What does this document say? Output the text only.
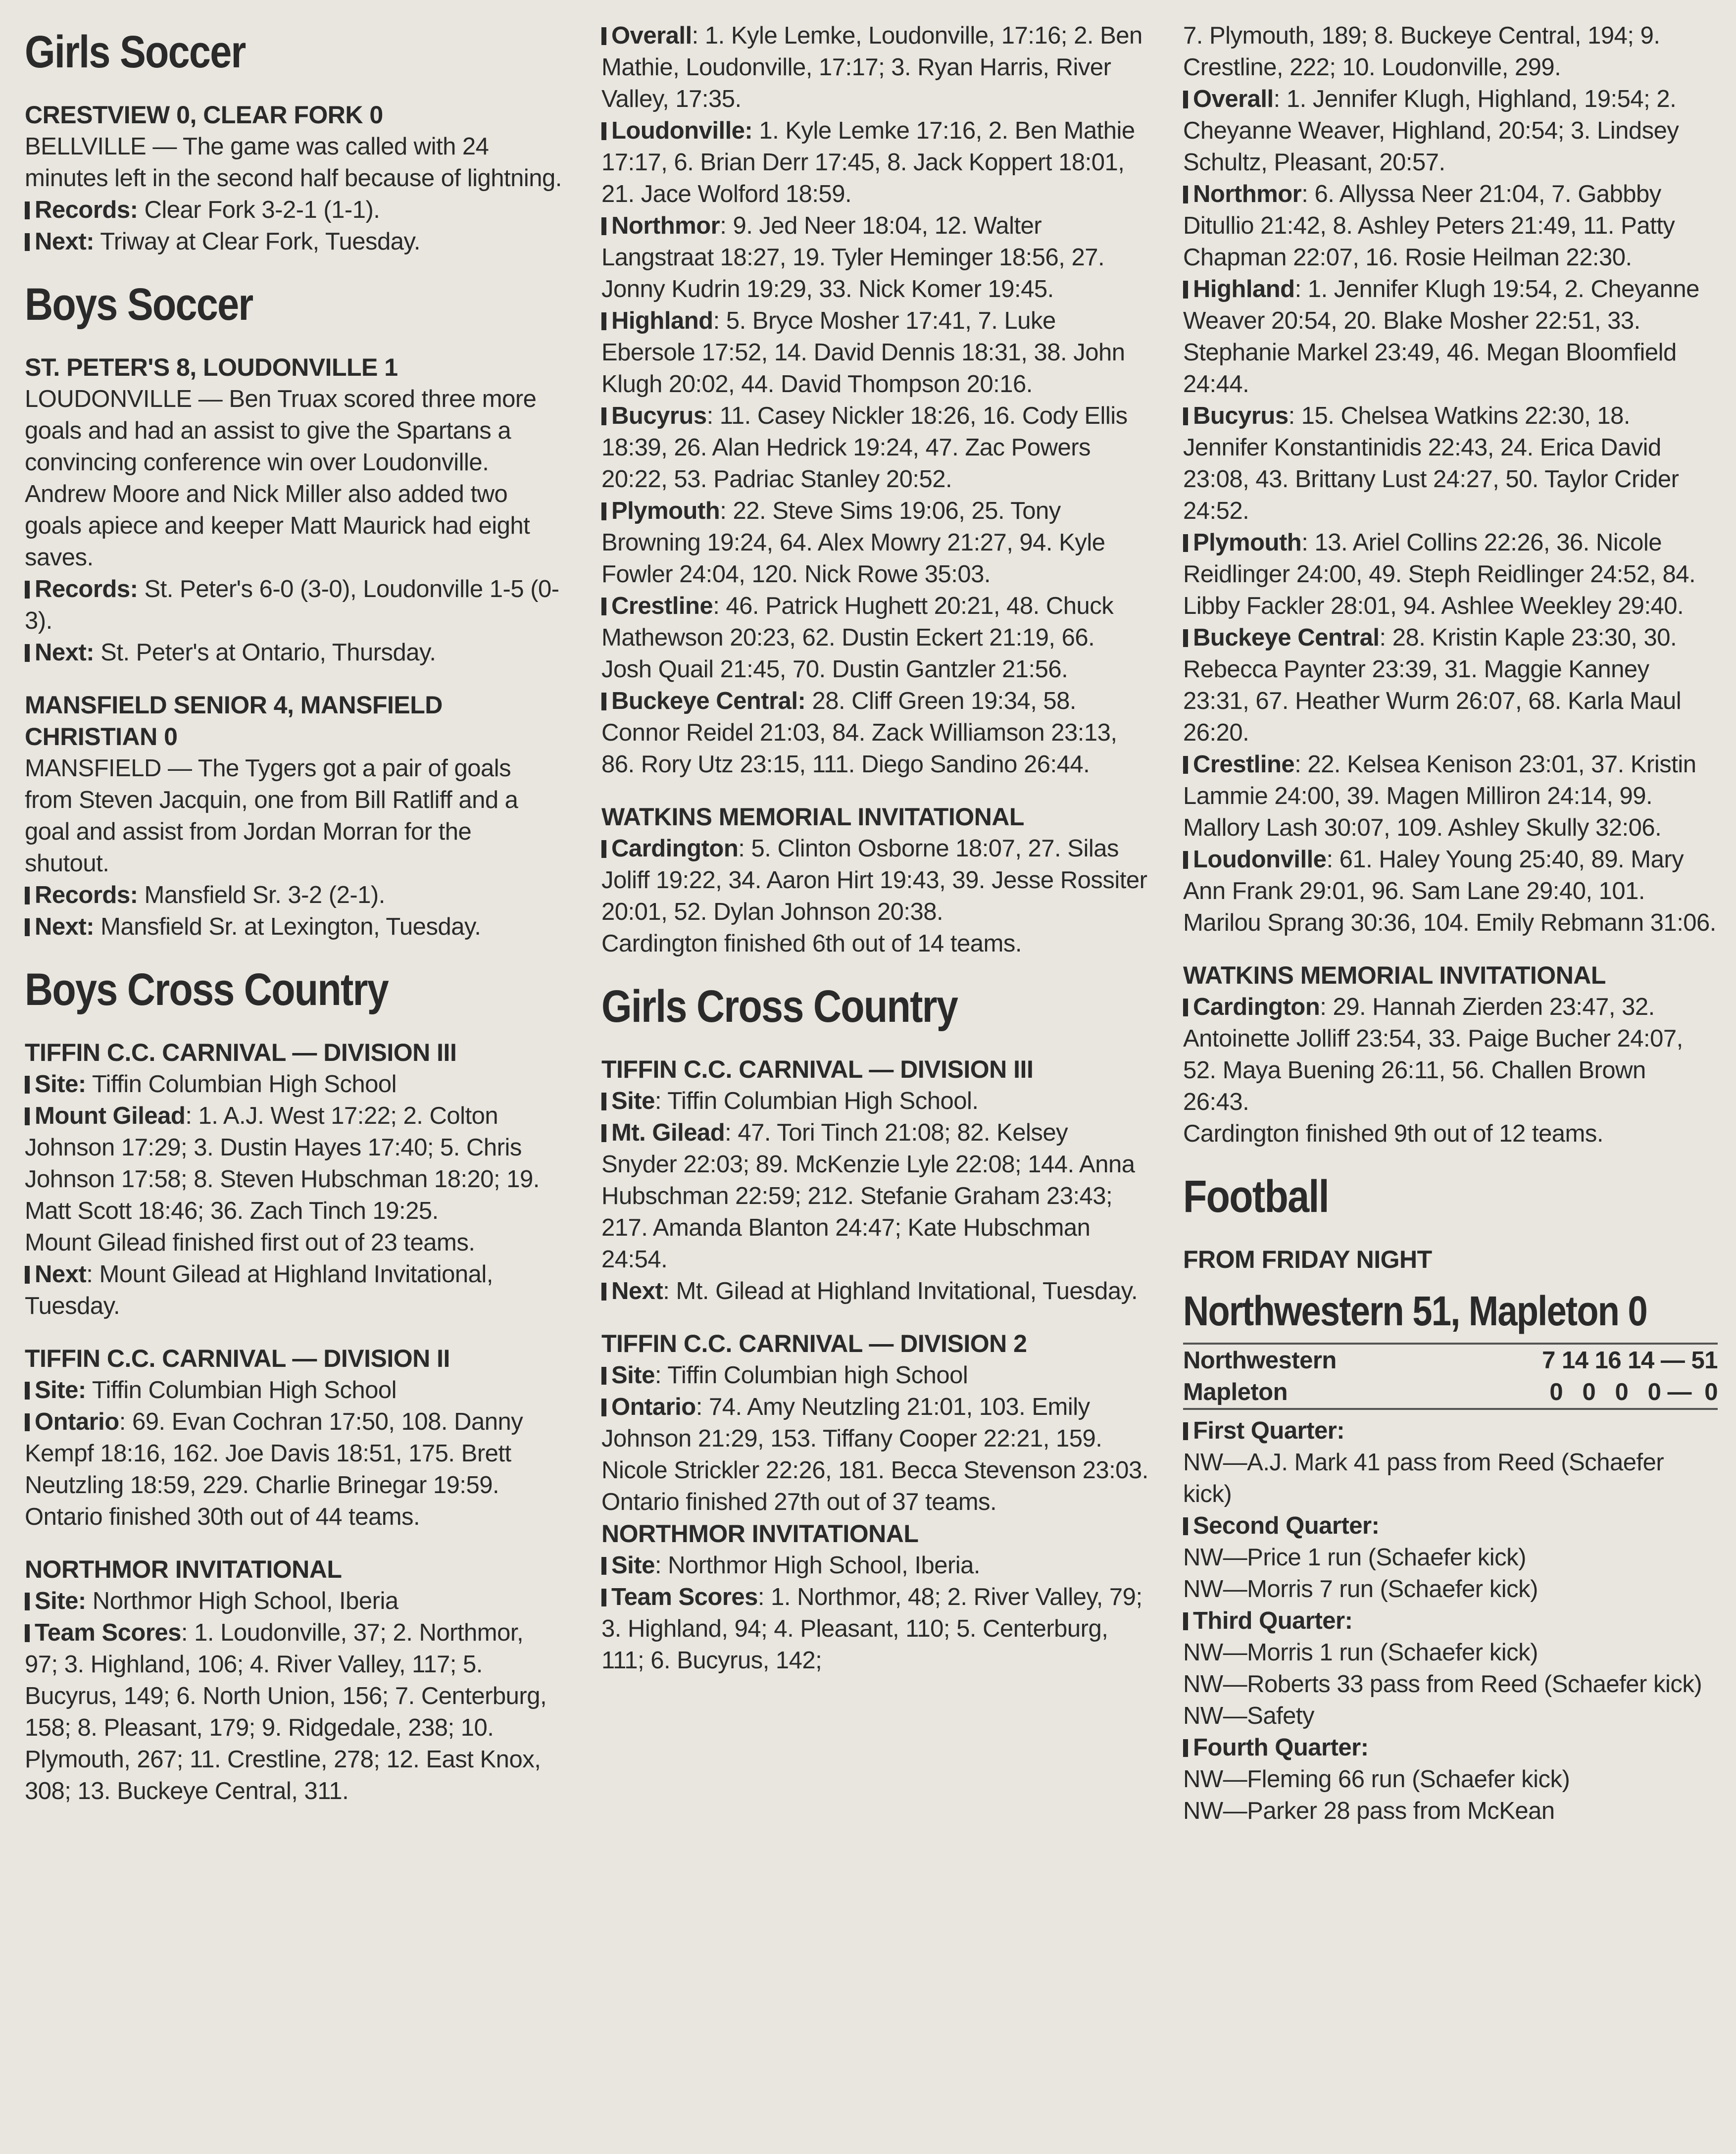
Girls Soccer
CRESTVIEW 0, CLEAR FORK 0

BELLVILLE — The game was called with 24 minutes left in the second half because of lightning.

Records: Clear Fork 3-2-1 (1-1).

Next: Triway at Clear Fork, Tuesday.

Boys Soccer
ST. PETER'S 8, LOUDONVILLE 1

LOUDONVILLE — Ben Truax scored three more goals and had an assist to give the Spartans a convincing conference win over Loudonville. Andrew Moore and Nick Miller also added two goals apiece and keeper Matt Maurick had eight saves.

Records: St. Peter's 6-0 (3-0), Loudonville 1-5 (0-3).

Next: St. Peter's at Ontario, Thursday.

MANSFIELD SENIOR 4, MANSFIELD CHRISTIAN 0

MANSFIELD — The Tygers got a pair of goals from Steven Jacquin, one from Bill Ratliff and a goal and assist from Jordan Morran for the shutout.

Records: Mansfield Sr. 3-2 (2-1).

Next: Mansfield Sr. at Lexington, Tuesday.

Boys Cross Country
TIFFIN C.C. CARNIVAL — DIVISION III

Site: Tiffin Columbian High School

Mount Gilead: 1. A.J. West 17:22; 2. Colton Johnson 17:29; 3. Dustin Hayes 17:40; 5. Chris Johnson 17:58; 8. Steven Hubschman 18:20; 19. Matt Scott 18:46; 36. Zach Tinch 19:25.

Mount Gilead finished first out of 23 teams.

Next: Mount Gilead at Highland Invitational, Tuesday.

TIFFIN C.C. CARNIVAL — DIVISION II

Site: Tiffin Columbian High School

Ontario: 69. Evan Cochran 17:50, 108. Danny Kempf 18:16, 162. Joe Davis 18:51, 175. Brett Neutzling 18:59, 229. Charlie Brinegar 19:59.

Ontario finished 30th out of 44 teams.

NORTHMOR INVITATIONAL

Site: Northmor High School, Iberia

Team Scores: 1. Loudonville, 37; 2. Northmor, 97; 3. Highland, 106; 4. River Valley, 117; 5. Bucyrus, 149; 6. North Union, 156; 7. Centerburg, 158; 8. Pleasant, 179; 9. Ridgedale, 238; 10. Plymouth, 267; 11. Crestline, 278; 12. East Knox, 308; 13. Buckeye Central, 311.

Overall: 1. Kyle Lemke, Loudonville, 17:16; 2. Ben Mathie, Loudonville, 17:17; 3. Ryan Harris, River Valley, 17:35.

Loudonville: 1. Kyle Lemke 17:16, 2. Ben Mathie 17:17, 6. Brian Derr 17:45, 8. Jack Koppert 18:01, 21. Jace Wolford 18:59.

Northmor: 9. Jed Neer 18:04, 12. Walter Langstraat 18:27, 19. Tyler Heminger 18:56, 27. Jonny Kudrin 19:29, 33. Nick Komer 19:45.

Highland: 5. Bryce Mosher 17:41, 7. Luke Ebersole 17:52, 14. David Dennis 18:31, 38. John Klugh 20:02, 44. David Thompson 20:16.

Bucyrus: 11. Casey Nickler 18:26, 16. Cody Ellis 18:39, 26. Alan Hedrick 19:24, 47. Zac Powers 20:22, 53. Padriac Stanley 20:52.

Plymouth: 22. Steve Sims 19:06, 25. Tony Browning 19:24, 64. Alex Mowry 21:27, 94. Kyle Fowler 24:04, 120. Nick Rowe 35:03.

Crestline: 46. Patrick Hughett 20:21, 48. Chuck Mathewson 20:23, 62. Dustin Eckert 21:19, 66. Josh Quail 21:45, 70. Dustin Gantzler 21:56.

Buckeye Central: 28. Cliff Green 19:34, 58. Connor Reidel 21:03, 84. Zack Williamson 23:13, 86. Rory Utz 23:15, 111. Diego Sandino 26:44.

WATKINS MEMORIAL INVITATIONAL

Cardington: 5. Clinton Osborne 18:07, 27. Silas Joliff 19:22, 34. Aaron Hirt 19:43, 39. Jesse Rossiter 20:01, 52. Dylan Johnson 20:38.

Cardington finished 6th out of 14 teams.

Girls Cross Country
TIFFIN C.C. CARNIVAL — DIVISION III

Site: Tiffin Columbian High School.

Mt. Gilead: 47. Tori Tinch 21:08; 82. Kelsey Snyder 22:03; 89. McKenzie Lyle 22:08; 144. Anna Hubschman 22:59; 212. Stefanie Graham 23:43; 217. Amanda Blanton 24:47; Kate Hubschman 24:54.

Next: Mt. Gilead at Highland Invitational, Tuesday.

TIFFIN C.C. CARNIVAL — DIVISION 2

Site: Tiffin Columbian high School

Ontario: 74. Amy Neutzling 21:01, 103. Emily Johnson 21:29, 153. Tiffany Cooper 22:21, 159. Nicole Strickler 22:26, 181. Becca Stevenson 23:03.

Ontario finished 27th out of 37 teams.

NORTHMOR INVITATIONAL

Site: Northmor High School, Iberia.

Team Scores: 1. Northmor, 48; 2. River Valley, 79; 3. Highland, 94; 4. Pleasant, 110; 5. Centerburg, 111; 6. Bucyrus, 142;

7. Plymouth, 189; 8. Buckeye Central, 194; 9. Crestline, 222; 10. Loudonville, 299.

Overall: 1. Jennifer Klugh, Highland, 19:54; 2. Cheyanne Weaver, Highland, 20:54; 3. Lindsey Schultz, Pleasant, 20:57.

Northmor: 6. Allyssa Neer 21:04, 7. Gabbby Ditullio 21:42, 8. Ashley Peters 21:49, 11. Patty Chapman 22:07, 16. Rosie Heilman 22:30.

Highland: 1. Jennifer Klugh 19:54, 2. Cheyanne Weaver 20:54, 20. Blake Mosher 22:51, 33. Stephanie Markel 23:49, 46. Megan Bloomfield 24:44.

Bucyrus: 15. Chelsea Watkins 22:30, 18. Jennifer Konstantinidis 22:43, 24. Erica David 23:08, 43. Brittany Lust 24:27, 50. Taylor Crider 24:52.

Plymouth: 13. Ariel Collins 22:26, 36. Nicole Reidlinger 24:00, 49. Steph Reidlinger 24:52, 84. Libby Fackler 28:01, 94. Ashlee Weekley 29:40.

Buckeye Central: 28. Kristin Kaple 23:30, 30. Rebecca Paynter 23:39, 31. Maggie Kanney 23:31, 67. Heather Wurm 26:07, 68. Karla Maul 26:20.

Crestline: 22. Kelsea Kenison 23:01, 37. Kristin Lammie 24:00, 39. Magen Milliron 24:14, 99. Mallory Lash 30:07, 109. Ashley Skully 32:06.

Loudonville: 61. Haley Young 25:40, 89. Mary Ann Frank 29:01, 96. Sam Lane 29:40, 101. Marilou Sprang 30:36, 104. Emily Rebmann 31:06.

WATKINS MEMORIAL INVITATIONAL

Cardington: 29. Hannah Zierden 23:47, 32. Antoinette Jolliff 23:54, 33. Paige Bucher 24:07, 52. Maya Buening 26:11, 56. Challen Brown 26:43.

Cardington finished 9th out of 12 teams.

Football
FROM FRIDAY NIGHT
Northwestern 51, Mapleton 0
Northwestern	7 14 16 14 — 51
Mapleton	0   0   0   0 —  0

First Quarter:

NW—A.J. Mark 41 pass from Reed (Schaefer kick)

Second Quarter:

NW—Price 1 run (Schaefer kick)

NW—Morris 7 run (Schaefer kick)

Third Quarter:

NW—Morris 1 run (Schaefer kick)

NW—Roberts 33 pass from Reed (Schaefer kick)

NW—Safety

Fourth Quarter:

NW—Fleming 66 run (Schaefer kick)

NW—Parker 28 pass from McKean
